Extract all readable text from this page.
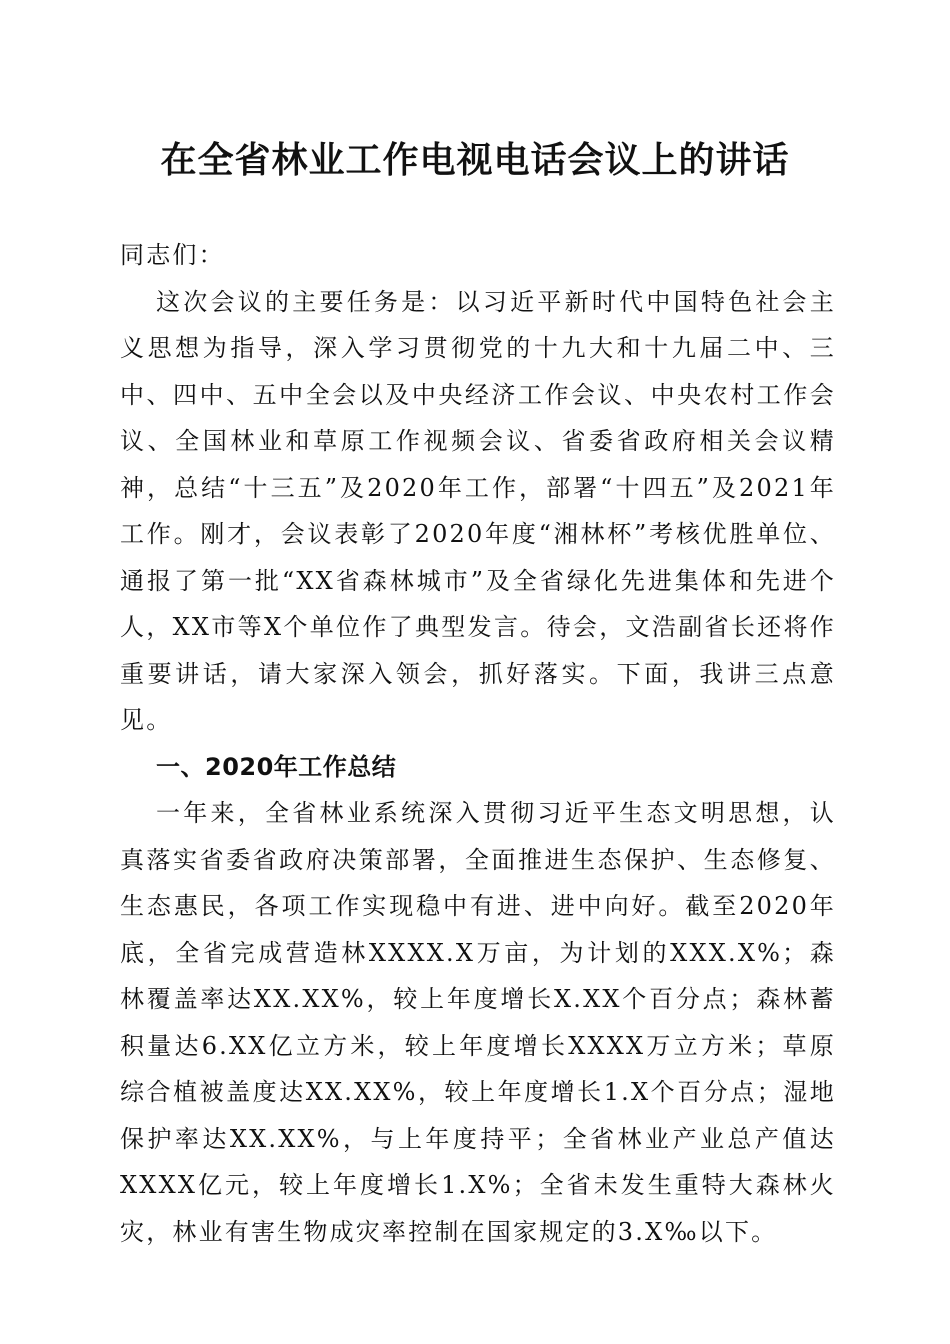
在全省林业工作电视电话会议上的讲话

同志们：

这次会议的主要任务是：以习近平新时代中国特色社会主义思想为指导，深入学习贯彻党的十九大和十九届二中、三中、四中、五中全会以及中央经济工作会议、中央农村工作会议、全国林业和草原工作视频会议、省委省政府相关会议精神，总结“十三五”及2020年工作，部署“十四五”及2021年工作。刚才，会议表彰了2020年度“湘林杯”考核优胜单位、通报了第一批“XX省森林城市”及全省绿化先进集体和先进个人，XX市等X个单位作了典型发言。待会，文浩副省长还将作重要讲话，请大家深入领会，抓好落实。下面，我讲三点意见。

一、2020年工作总结

一年来，全省林业系统深入贯彻习近平生态文明思想，认真落实省委省政府决策部署，全面推进生态保护、生态修复、生态惠民，各项工作实现稳中有进、进中向好。截至2020年底，全省完成营造林XXXX.X万亩，为计划的XXX.X%；森林覆盖率达XX.XX%，较上年度增长X.XX个百分点；森林蓄积量达6.XX亿立方米，较上年度增长XXXX万立方米；草原综合植被盖度达XX.XX%，较上年度增长1.X个百分点；湿地保护率达XX.XX%，与上年度持平；全省林业产业总产值达XXXX亿元，较上年度增长1.X%；全省未发生重特大森林火灾，林业有害生物成灾率控制在国家规定的3.X‰以下。
